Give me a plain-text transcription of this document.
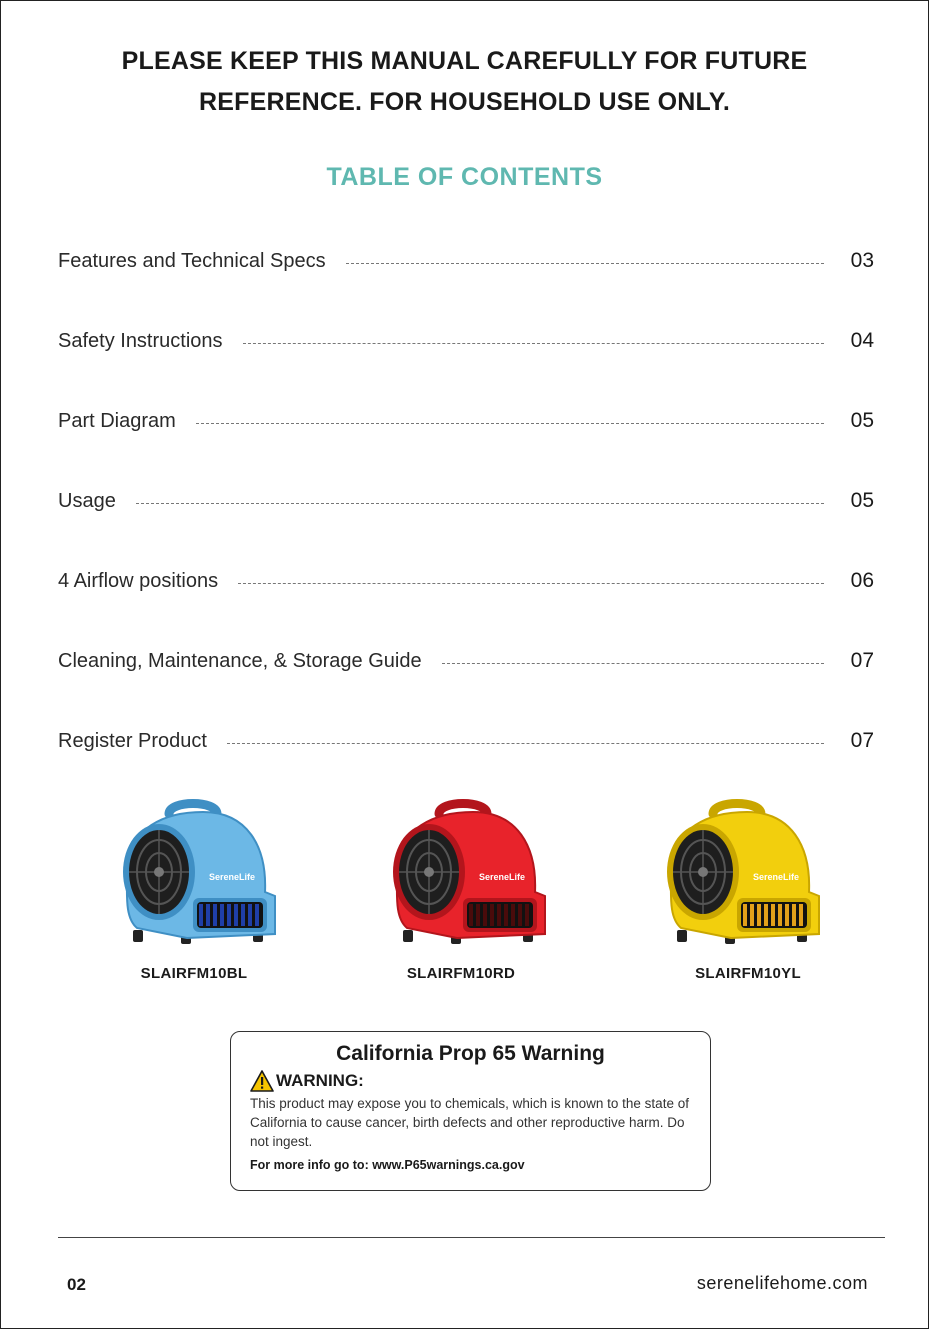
PLEASE KEEP THIS MANUAL CAREFULLY FOR FUTURE
REFERENCE. FOR HOUSEHOLD USE ONLY.
TABLE OF CONTENTS
Features and Technical Specs	03
Safety Instructions	04
Part Diagram	05
Usage	05
4 Airflow positions	06
Cleaning, Maintenance, & Storage Guide	07
Register Product	07
SereneLife	SereneLife	SereneLife
SLAIRFM10BL	SLAIRFM10RD	SLAIRFM10YL
California Prop 65 Warning
WARNING:
This product may expose you to chemicals, which is known to the state of California to cause cancer, birth defects and other reproductive harm. Do not ingest.
For more info go to: www.P65warnings.ca.gov
02	serenelifehome.com
